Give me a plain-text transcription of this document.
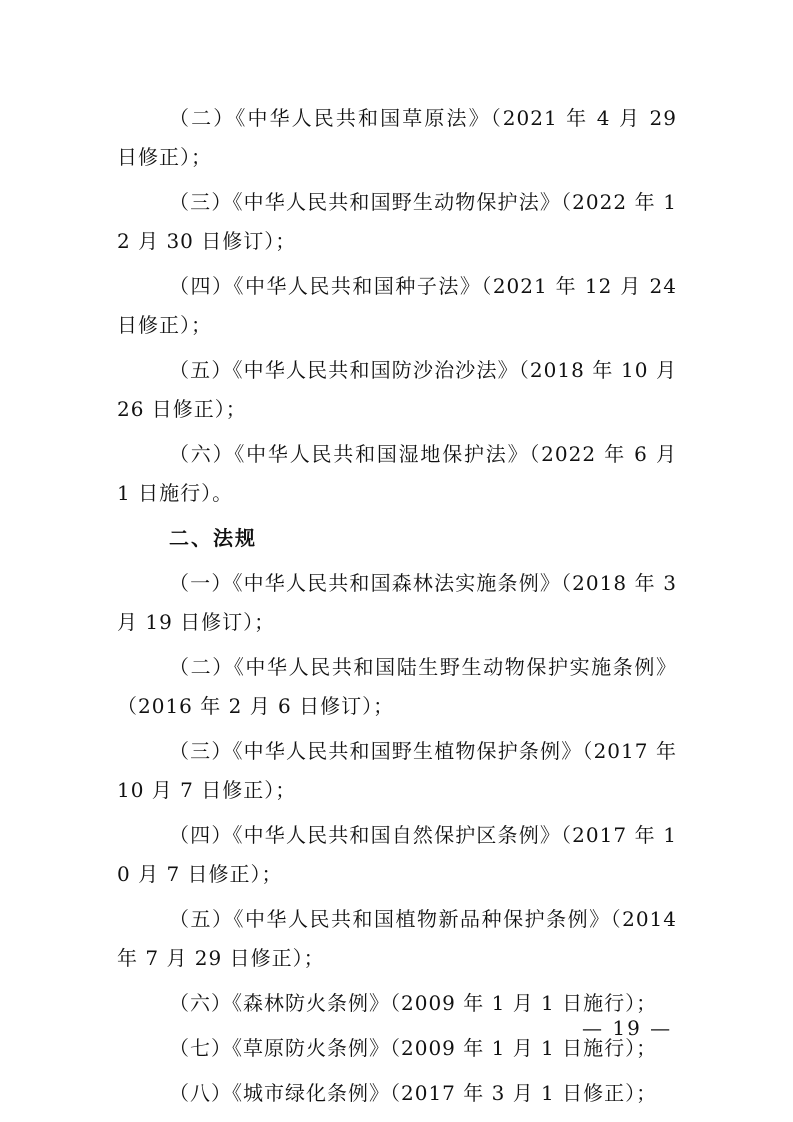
（二）《中华人民共和国草原法》（2021 年 4 月 29 日修正）；

（三）《中华人民共和国野生动物保护法》（2022 年 12 月 30 日修订）；

（四）《中华人民共和国种子法》（2021 年 12 月 24 日修正）；

（五）《中华人民共和国防沙治沙法》（2018 年 10 月 26 日修正）；

（六）《中华人民共和国湿地保护法》（2022 年 6 月 1 日施行）。

二、法规

（一）《中华人民共和国森林法实施条例》（2018 年 3 月 19 日修订）；

（二）《中华人民共和国陆生野生动物保护实施条例》（2016 年 2 月 6 日修订）；

（三）《中华人民共和国野生植物保护条例》（2017 年 10 月 7 日修正）；

（四）《中华人民共和国自然保护区条例》（2017 年 10 月 7 日修正）；

（五）《中华人民共和国植物新品种保护条例》（2014 年 7 月 29 日修正）；

（六）《森林防火条例》（2009 年 1 月 1 日施行）；

（七）《草原防火条例》（2009 年 1 月 1 日施行）；

（八）《城市绿化条例》（2017 年 3 月 1 日修正）；

— 19 —
